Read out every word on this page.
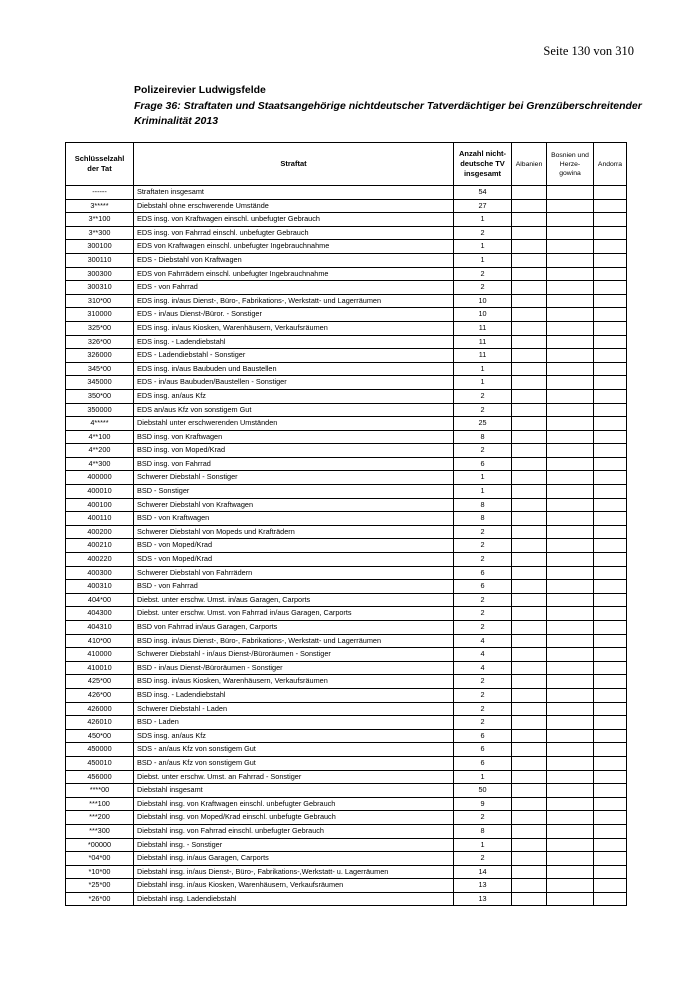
Seite 130 von 310
Polizeirevier Ludwigsfelde
Frage 36: Straftaten und Staatsangehörige nichtdeutscher Tatverdächtiger bei Grenzüberschreitender Kriminalität 2013
Schlüsselzahl der Tat	Straftat	Anzahl nicht-deutsche TV insgesamt	Albanien	Bosnien und Herze-gowina	Andorra
------	Straftaten insgesamt	54			
3*****	Diebstahl ohne erschwerende Umstände	27			
3**100	EDS insg. von Kraftwagen einschl. unbefugter Gebrauch	1			
3**300	EDS insg. von Fahrrad einschl. unbefugter Gebrauch	2			
300100	EDS von Kraftwagen einschl. unbefugter Ingebrauchnahme	1			
300110	EDS - Diebstahl von Kraftwagen	1			
300300	EDS von Fahrrädern einschl. unbefugter Ingebrauchnahme	2			
300310	EDS - von Fahrrad	2			
310*00	EDS insg. in/aus Dienst-, Büro-, Fabrikations-, Werkstatt- und Lagerräumen	10			
310000	EDS - in/aus Dienst-/Büror. - Sonstiger	10			
325*00	EDS insg. in/aus Kiosken, Warenhäusern, Verkaufsräumen	11			
326*00	EDS insg. - Ladendiebstahl	11			
326000	EDS - Ladendiebstahl - Sonstiger	11			
345*00	EDS insg. in/aus Baubuden und Baustellen	1			
345000	EDS - in/aus Baubuden/Baustellen - Sonstiger	1			
350*00	EDS insg. an/aus Kfz	2			
350000	EDS an/aus Kfz von sonstigem Gut	2			
4*****	Diebstahl unter erschwerenden Umständen	25			
4**100	BSD insg. von Kraftwagen	8			
4**200	BSD insg. von Moped/Krad	2			
4**300	BSD insg. von Fahrrad	6			
400000	Schwerer Diebstahl - Sonstiger	1			
400010	BSD - Sonstiger	1			
400100	Schwerer Diebstahl von Kraftwagen	8			
400110	BSD - von Kraftwagen	8			
400200	Schwerer Diebstahl von Mopeds und Krafträdern	2			
400210	BSD - von Moped/Krad	2			
400220	SDS - von Moped/Krad	2			
400300	Schwerer Diebstahl von Fahrrädern	6			
400310	BSD - von Fahrrad	6			
404*00	Diebst. unter erschw. Umst. in/aus Garagen, Carports	2			
404300	Diebst. unter erschw. Umst. von Fahrrad in/aus Garagen, Carports	2			
404310	BSD von Fahrrad in/aus Garagen, Carports	2			
410*00	BSD insg. in/aus Dienst-, Büro-, Fabrikations-, Werkstatt- und Lagerräumen	4			
410000	Schwerer Diebstahl - in/aus Dienst-/Büroräumen - Sonstiger	4			
410010	BSD - in/aus Dienst-/Büroräumen - Sonstiger	4			
425*00	BSD insg. in/aus Kiosken, Warenhäusern, Verkaufsräumen	2			
426*00	BSD insg. - Ladendiebstahl	2			
426000	Schwerer Diebstahl - Laden	2			
426010	BSD - Laden	2			
450*00	SDS insg. an/aus Kfz	6			
450000	SDS - an/aus Kfz von sonstigem Gut	6			
450010	BSD - an/aus Kfz von sonstigem Gut	6			
456000	Diebst. unter erschw. Umst. an Fahrrad - Sonstiger	1			
****00	Diebstahl insgesamt	50			
***100	Diebstahl insg. von Kraftwagen einschl. unbefugter Gebrauch	9			
***200	Diebstahl insg. von Moped/Krad einschl. unbefugte Gebrauch	2			
***300	Diebstahl insg. von Fahrrad einschl. unbefugter Gebrauch	8			
*00000	Diebstahl insg. - Sonstiger	1			
*04*00	Diebstahl insg. in/aus Garagen, Carports	2			
*10*00	Diebstahl insg. in/aus Dienst-, Büro-, Fabrikations-,Werkstatt- u. Lagerräumen	14			
*25*00	Diebstahl insg. in/aus Kiosken, Warenhäusern, Verkaufsräumen	13			
*26*00	Diebstahl insg. Ladendiebstahl	13			
